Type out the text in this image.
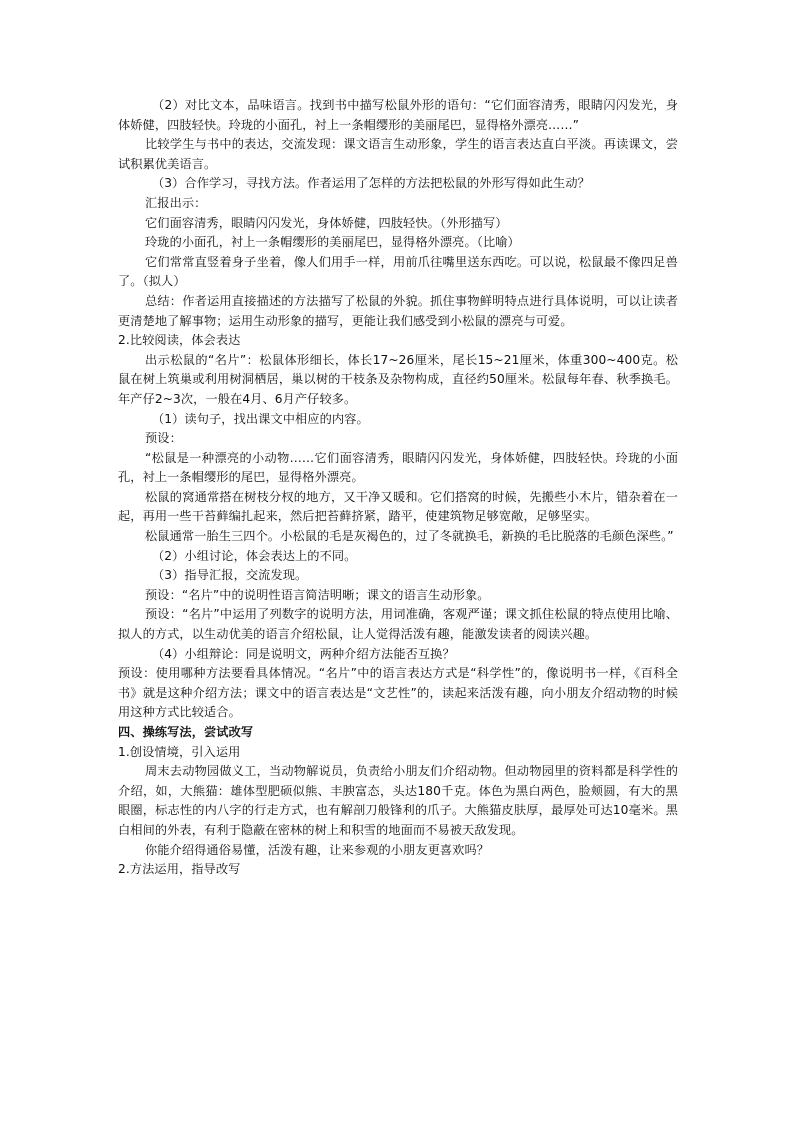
（2）对比文本，品味语言。找到书中描写松鼠外形的语句：“它们面容清秀，眼睛闪闪发光，身体娇健，四肢轻快。玲珑的小面孔，衬上一条帽缨形的美丽尾巴，显得格外漂亮……”

比较学生与书中的表达，交流发现：课文语言生动形象，学生的语言表达直白平淡。再读课文，尝试积累优美语言。

（3）合作学习，寻找方法。作者运用了怎样的方法把松鼠的外形写得如此生动？

汇报出示：

它们面容清秀，眼睛闪闪发光，身体娇健，四肢轻快。（外形描写）

玲珑的小面孔，衬上一条帽缨形的美丽尾巴，显得格外漂亮。（比喻）

它们常常直竖着身子坐着，像人们用手一样，用前爪往嘴里送东西吃。可以说，松鼠最不像四足兽了。（拟人）

总结：作者运用直接描述的方法描写了松鼠的外貌。抓住事物鲜明特点进行具体说明，可以让读者更清楚地了解事物；运用生动形象的描写，更能让我们感受到小松鼠的漂亮与可爱。

2.比较阅读，体会表达

出示松鼠的“名片”：松鼠体形细长，体长17~26厘米，尾长15~21厘米，体重300~400克。松鼠在树上筑巢或利用树洞栖居，巢以树的干枝条及杂物构成，直径约50厘米。松鼠每年春、秋季换毛。年产仔2~3次，一般在4月、6月产仔较多。

（1）读句子，找出课文中相应的内容。

预设：

“松鼠是一种漂亮的小动物……它们面容清秀，眼睛闪闪发光，身体娇健，四肢轻快。玲珑的小面孔，衬上一条帽缨形的尾巴，显得格外漂亮。

松鼠的窝通常搭在树枝分杈的地方，又干净又暖和。它们搭窝的时候，先搬些小木片，错杂着在一起，再用一些干苔藓编扎起来，然后把苔藓挤紧，踏平，使建筑物足够宽敞，足够坚实。

松鼠通常一胎生三四个。小松鼠的毛是灰褐色的，过了冬就换毛，新换的毛比脱落的毛颜色深些。”

（2）小组讨论，体会表达上的不同。

（3）指导汇报，交流发现。

预设：“名片”中的说明性语言简洁明晰；课文的语言生动形象。

预设：“名片”中运用了列数字的说明方法，用词准确，客观严谨；课文抓住松鼠的特点使用比喻、拟人的方式，以生动优美的语言介绍松鼠，让人觉得活泼有趣，能激发读者的阅读兴趣。

（4）小组辩论：同是说明文，两种介绍方法能否互换？

预设：使用哪种方法要看具体情况。“名片”中的语言表达方式是“科学性”的，像说明书一样，《百科全书》就是这种介绍方法；课文中的语言表达是“文艺性”的，读起来活泼有趣，向小朋友介绍动物的时候用这种方式比较适合。

四、操练写法，尝试改写

1.创设情境，引入运用

周末去动物园做义工，当动物解说员，负责给小朋友们介绍动物。但动物园里的资料都是科学性的介绍，如，大熊猫：雄体型肥硕似熊、丰腴富态，头达180千克。体色为黑白两色，脸颊圆，有大的黑眼圈，标志性的内八字的行走方式，也有解剖刀般锋利的爪子。大熊猫皮肤厚，最厚处可达10毫米。黑白相间的外表，有利于隐蔽在密林的树上和积雪的地面而不易被天敌发现。

你能介绍得通俗易懂，活泼有趣，让来参观的小朋友更喜欢吗？

2.方法运用，指导改写
